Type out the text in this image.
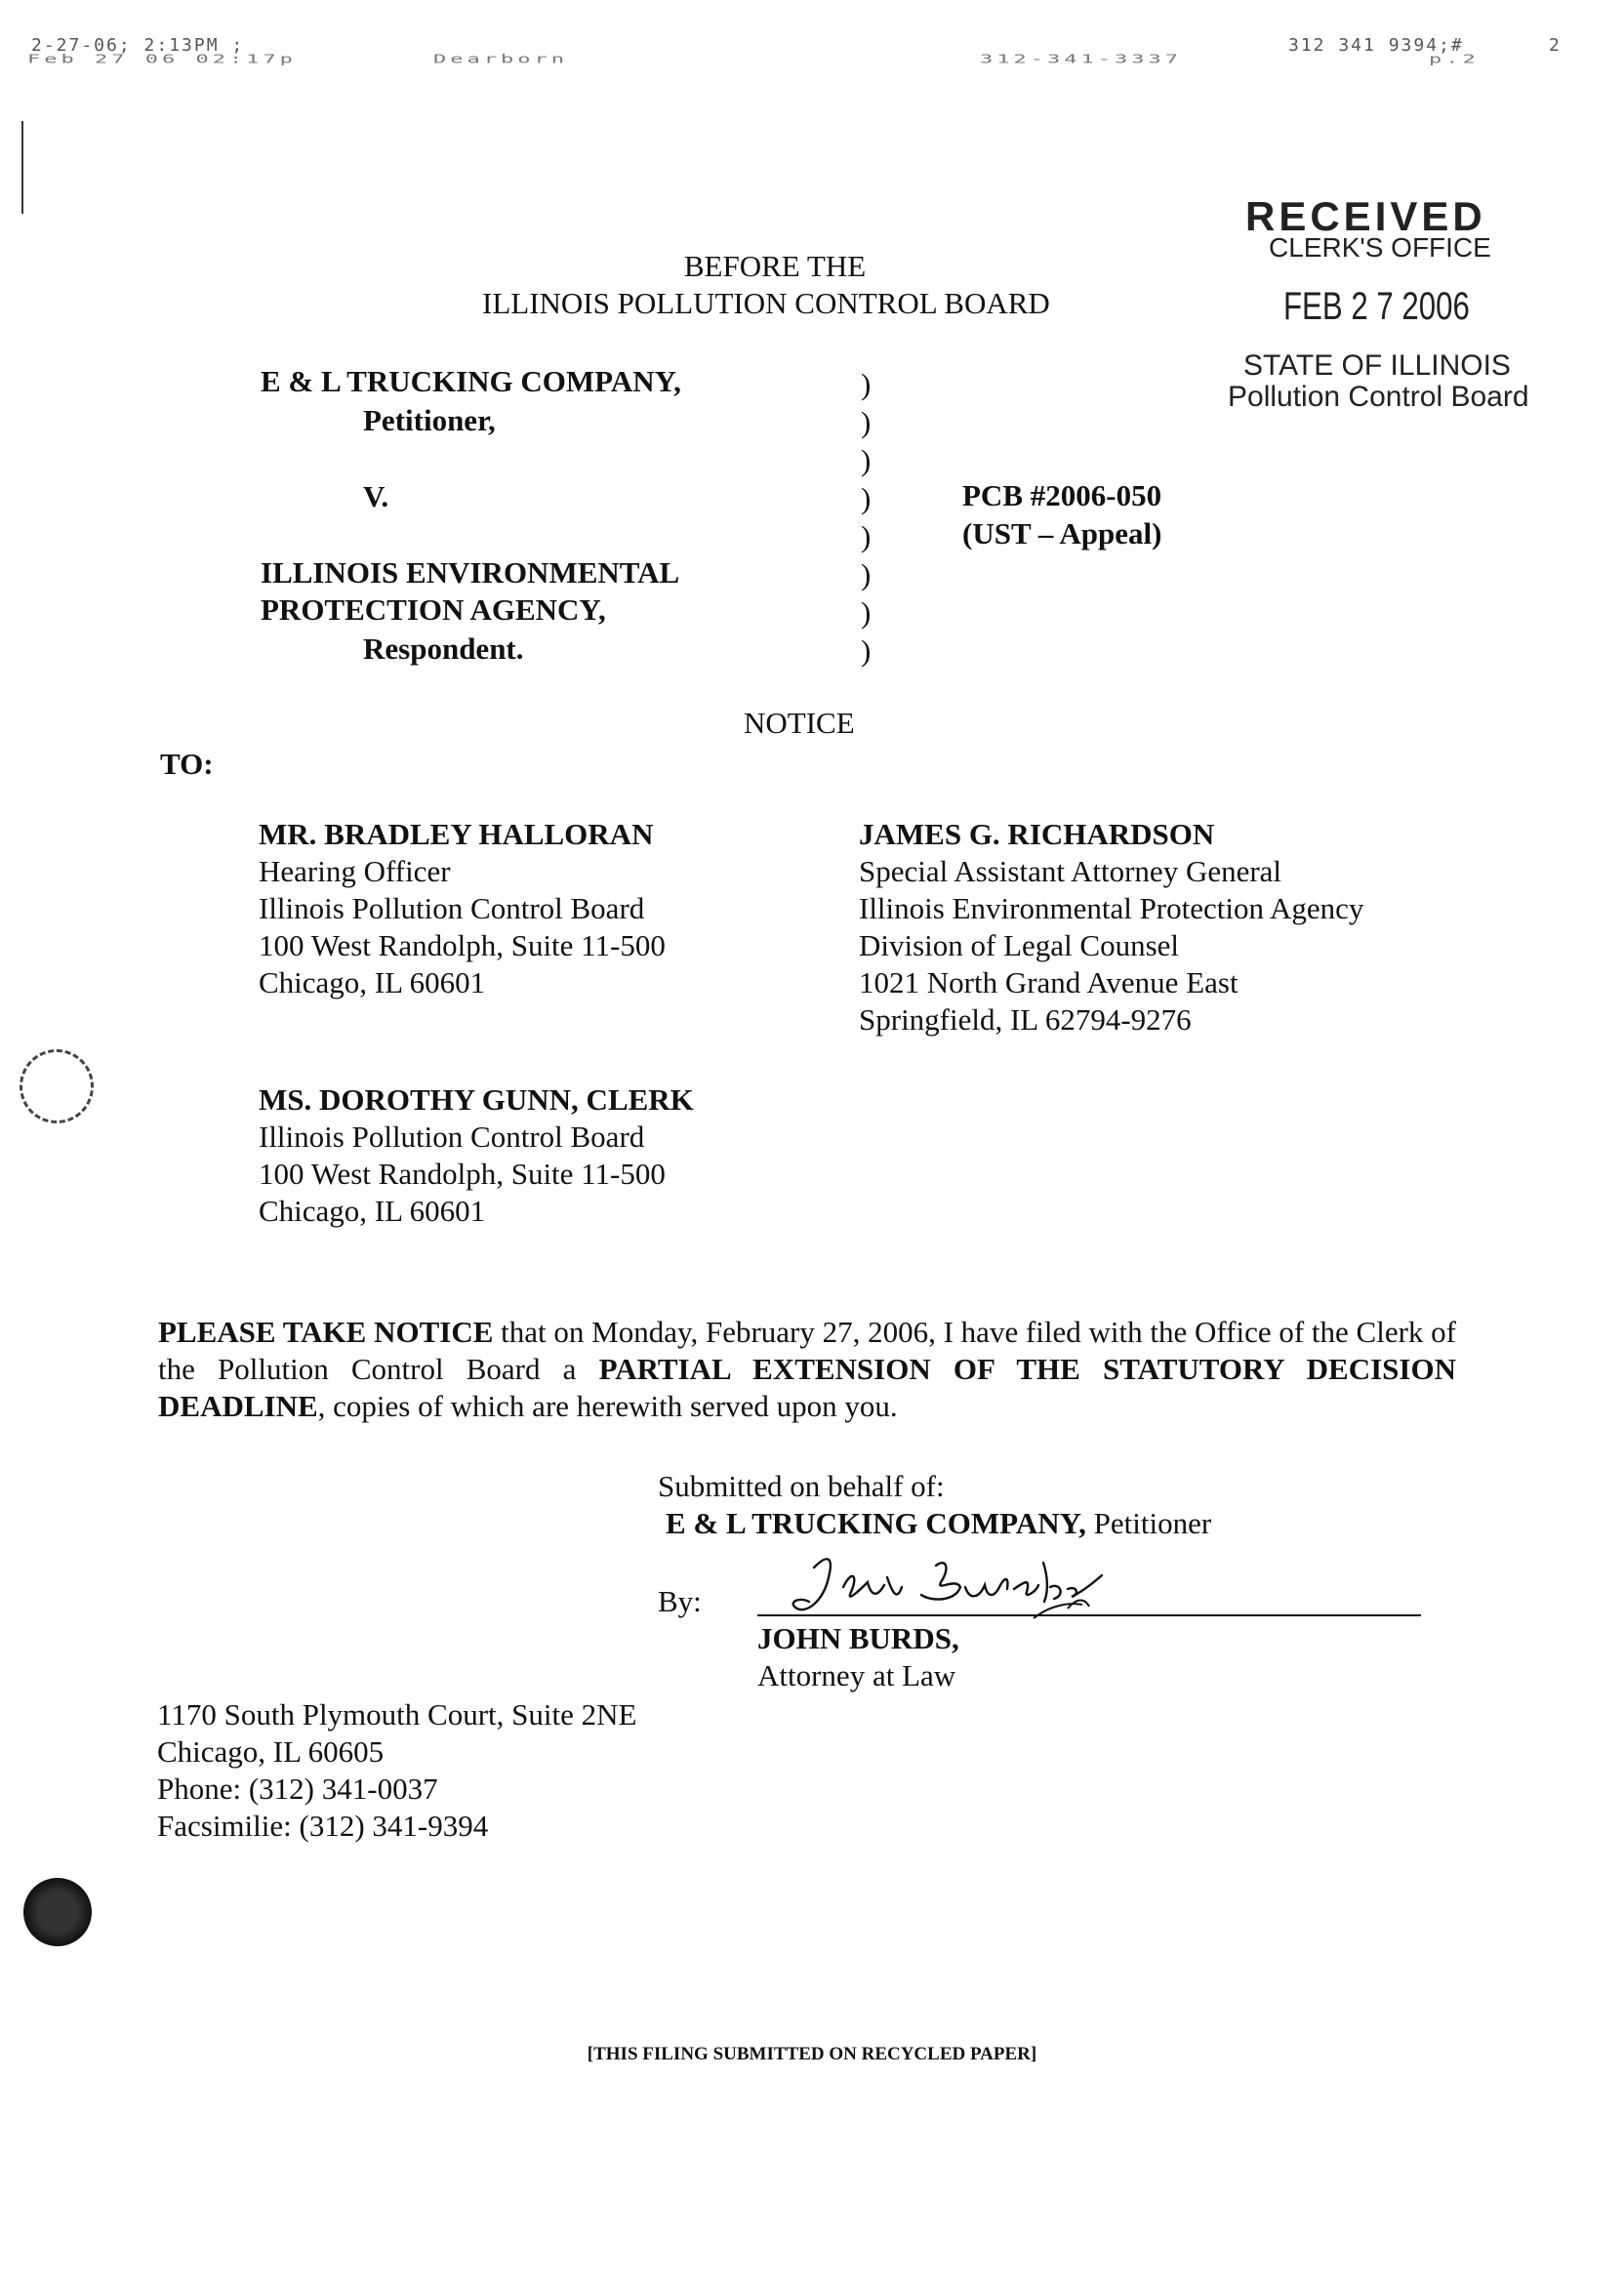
2-27-06; 2:13PM ;
Feb 27 06 02:17p	Dearborn	312-341-3337
312 341 9394;#	2
p.2
RECEIVED
CLERK'S OFFICE
FEB 2 7 2006
STATE OF ILLINOIS
Pollution Control Board
BEFORE THE
ILLINOIS POLLUTION CONTROL BOARD
E & L TRUCKING COMPANY,
Petitioner,
V.
ILLINOIS ENVIRONMENTAL
PROTECTION AGENCY,
Respondent.
)
)
)
)
)
)
)
)
PCB #2006-050
(UST – Appeal)
NOTICE
TO:
MR. BRADLEY HALLORAN
Hearing Officer
Illinois Pollution Control Board
100 West Randolph, Suite 11-500
Chicago, IL 60601
JAMES G. RICHARDSON
Special Assistant Attorney General
Illinois Environmental Protection Agency
Division of Legal Counsel
1021 North Grand Avenue East
Springfield, IL 62794-9276
MS. DOROTHY GUNN, CLERK
Illinois Pollution Control Board
100 West Randolph, Suite 11-500
Chicago, IL 60601
PLEASE TAKE NOTICE that on Monday, February 27, 2006, I have filed with the Office of the Clerk of the Pollution Control Board a PARTIAL EXTENSION OF THE STATUTORY DECISION DEADLINE, copies of which are herewith served upon you.
Submitted on behalf of:
E & L TRUCKING COMPANY, Petitioner
By:
JOHN BURDS,
Attorney at Law
1170 South Plymouth Court, Suite 2NE
Chicago, IL 60605
Phone: (312) 341-0037
Facsimilie: (312) 341-9394
[THIS FILING SUBMITTED ON RECYCLED PAPER]
